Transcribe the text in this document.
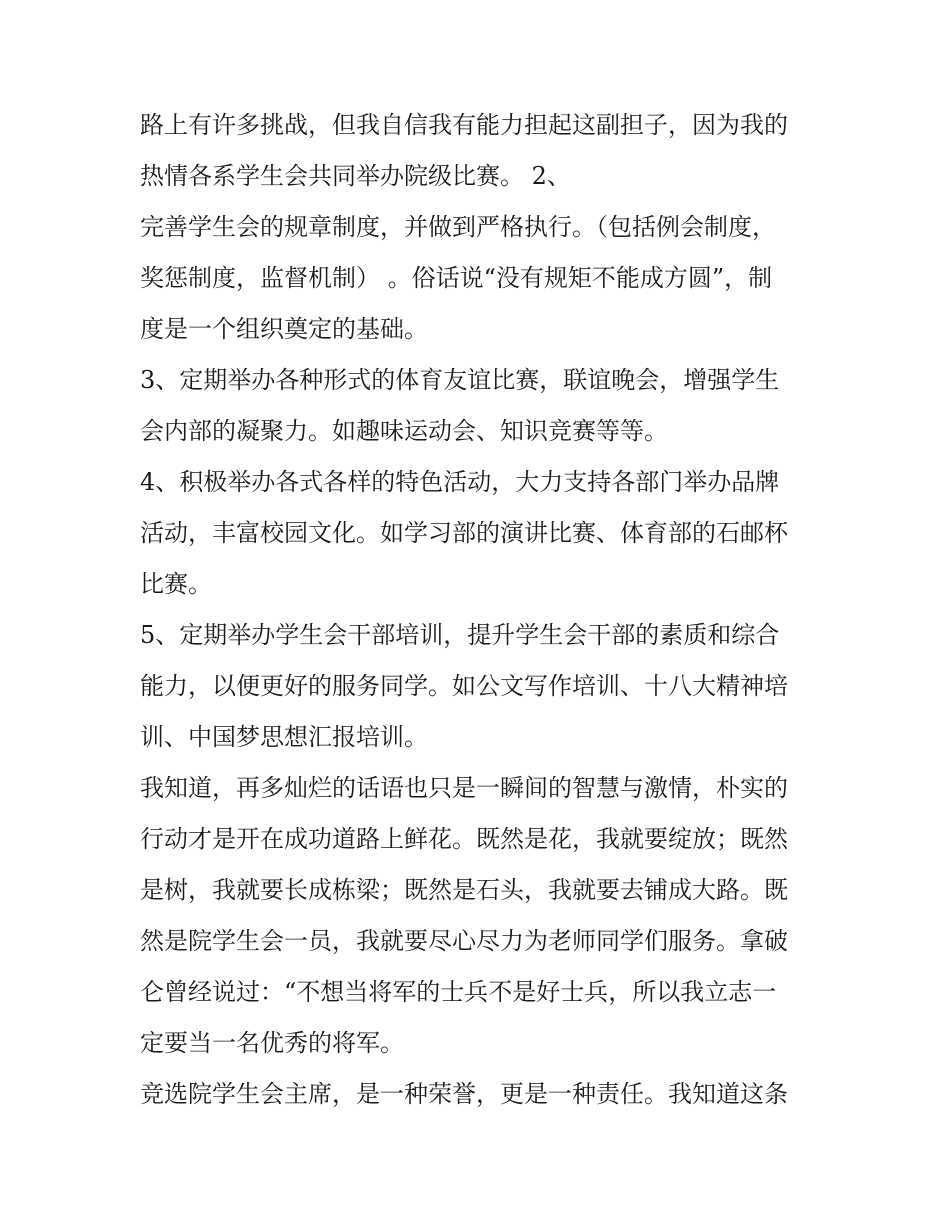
路上有许多挑战，但我自信我有能力担起这副担子，因为我的
热情各系学生会共同举办院级比赛。 2、
完善学生会的规章制度，并做到严格执行。（包括例会制度，
奖惩制度，监督机制） 。俗话说“没有规矩不能成方圆”，制
度是一个组织奠定的基础。
3、定期举办各种形式的体育友谊比赛，联谊晚会，增强学生
会内部的凝聚力。如趣味运动会、知识竞赛等等。
4、积极举办各式各样的特色活动，大力支持各部门举办品牌
活动，丰富校园文化。如学习部的演讲比赛、体育部的石邮杯
比赛。
5、定期举办学生会干部培训，提升学生会干部的素质和综合
能力，以便更好的服务同学。如公文写作培训、十八大精神培
训、中国梦思想汇报培训。
我知道，再多灿烂的话语也只是一瞬间的智慧与激情，朴实的
行动才是开在成功道路上鲜花。既然是花，我就要绽放；既然
是树，我就要长成栋梁；既然是石头，我就要去铺成大路。既
然是院学生会一员，我就要尽心尽力为老师同学们服务。拿破
仑曾经说过：“不想当将军的士兵不是好士兵，所以我立志一
定要当一名优秀的将军。
竞选院学生会主席，是一种荣誉，更是一种责任。我知道这条
